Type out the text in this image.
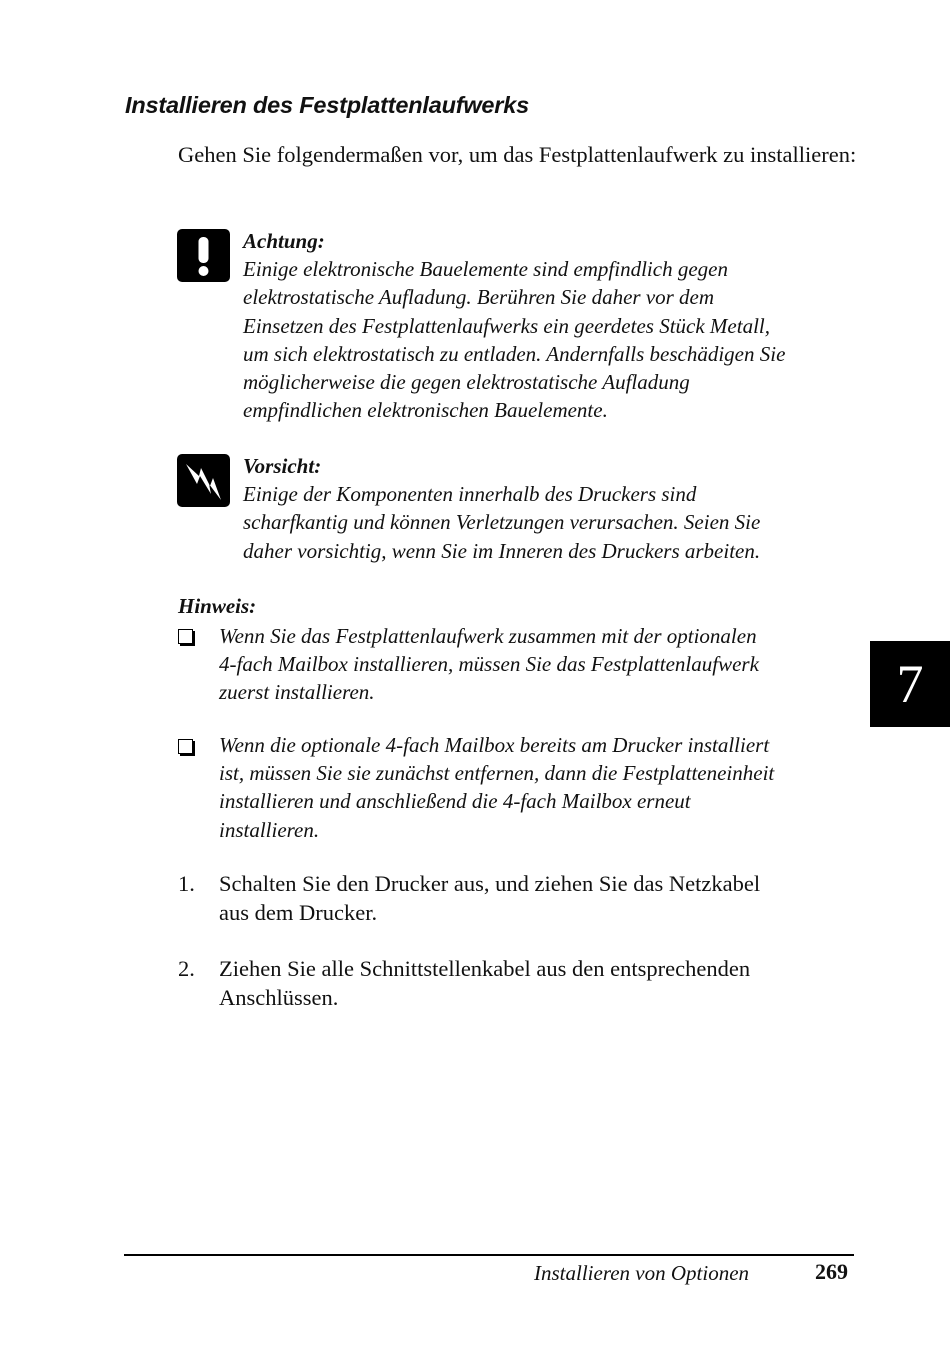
Installieren des Festplattenlaufwerks

Gehen Sie folgendermaßen vor, um das Festplattenlaufwerk zu installieren:

Achtung:
Einige elektronische Bauelemente sind empfindlich gegen
elektrostatische Aufladung. Berühren Sie daher vor dem
Einsetzen des Festplattenlaufwerks ein geerdetes Stück Metall,
um sich elektrostatisch zu entladen. Andernfalls beschädigen Sie
möglicherweise die gegen elektrostatische Aufladung
empfindlichen elektronischen Bauelemente.
Vorsicht:
Einige der Komponenten innerhalb des Druckers sind
scharfkantig und können Verletzungen verursachen. Seien Sie
daher vorsichtig, wenn Sie im Inneren des Druckers arbeiten.

Hinweis:

Wenn Sie das Festplattenlaufwerk zusammen mit der optionalen
4-fach Mailbox installieren, müssen Sie das Festplattenlaufwerk
zuerst installieren.
Wenn die optionale 4-fach Mailbox bereits am Drucker installiert
ist, müssen Sie sie zunächst entfernen, dann die Festplatteneinheit
installieren und anschließend die 4-fach Mailbox erneut
installieren.

1. Schalten Sie den Drucker aus, und ziehen Sie das Netzkabel
aus dem Drucker.

2. Ziehen Sie alle Schnittstellenkabel aus den entsprechenden
Anschlüssen.
7

Installieren von Optionen	269
